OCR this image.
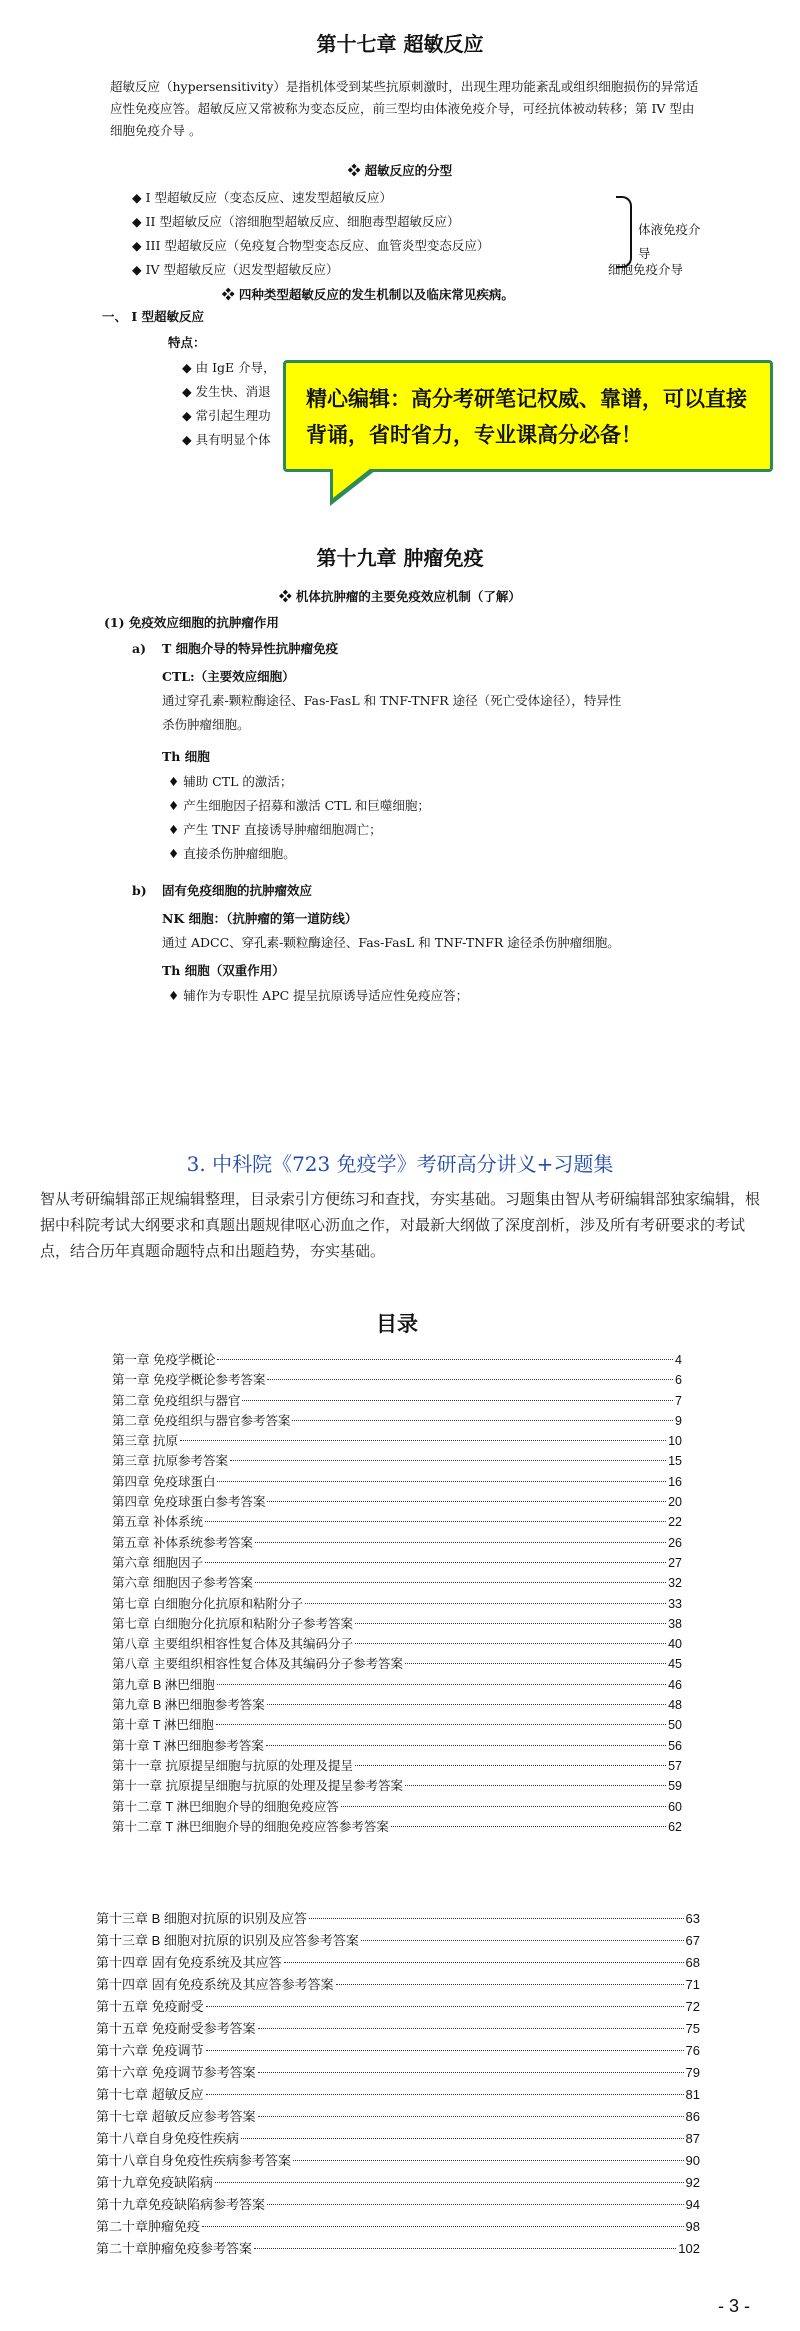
第十七章 超敏反应
超敏反应（hypersensitivity）是指机体受到某些抗原刺激时，出现生理功能紊乱或组织细胞损伤的异常适应性免疫应答。超敏反应又常被称为变态反应，前三型均由体液免疫介导，可经抗体被动转移；第 IV 型由细胞免疫介导 。
❖ 超敏反应的分型
◆ I 型超敏反应（变态反应、速发型超敏反应）
◆ II 型超敏反应（溶细胞型超敏反应、细胞毒型超敏反应）
◆ III 型超敏反应（免疫复合物型变态反应、血管炎型变态反应）
◆ IV 型超敏反应（迟发型超敏反应）
体液免疫介导
细胞免疫介导
❖ 四种类型超敏反应的发生机制以及临床常见疾病。
一、 I 型超敏反应
特点：
◆ 由 IgE 介导，
◆ 发生快、消退
◆ 常引起生理功
◆ 具有明显个体
精心编辑：高分考研笔记权威、靠谱，可以直接背诵，省时省力，专业课高分必备！
第十九章 肿瘤免疫
❖ 机体抗肿瘤的主要免疫效应机制（了解）
(1) 免疫效应细胞的抗肿瘤作用
a) T 细胞介导的特异性抗肿瘤免疫
CTL:（主要效应细胞）
通过穿孔素-颗粒酶途径、Fas-FasL 和 TNF-TNFR 途径（死亡受体途径），特异性
杀伤肿瘤细胞。
Th 细胞
♦ 辅助 CTL 的激活；
♦ 产生细胞因子招募和激活 CTL 和巨噬细胞；
♦ 产生 TNF 直接诱导肿瘤细胞凋亡；
♦ 直接杀伤肿瘤细胞。
b) 固有免疫细胞的抗肿瘤效应
NK 细胞：（抗肿瘤的第一道防线）
通过 ADCC、穿孔素-颗粒酶途径、Fas-FasL 和 TNF-TNFR 途径杀伤肿瘤细胞。
Th 细胞（双重作用）
♦ 辅作为专职性 APC 提呈抗原诱导适应性免疫应答；
3. 中科院《723 免疫学》考研高分讲义+习题集
智从考研编辑部正规编辑整理，目录索引方便练习和查找，夯实基础。习题集由智从考研编辑部独家编辑，根据中科院考试大纲要求和真题出题规律呕心沥血之作，对最新大纲做了深度剖析，涉及所有考研要求的考试点，结合历年真题命题特点和出题趋势，夯实基础。
目录
第一章 免疫学概论	4
第一章 免疫学概论参考答案	6
第二章 免疫组织与器官	7
第二章 免疫组织与器官参考答案	9
第三章 抗原	10
第三章 抗原参考答案	15
第四章 免疫球蛋白	16
第四章 免疫球蛋白参考答案	20
第五章 补体系统	22
第五章 补体系统参考答案	26
第六章 细胞因子	27
第六章 细胞因子参考答案	32
第七章 白细胞分化抗原和粘附分子	33
第七章 白细胞分化抗原和粘附分子参考答案	38
第八章 主要组织相容性复合体及其编码分子	40
第八章 主要组织相容性复合体及其编码分子参考答案	45
第九章 B 淋巴细胞	46
第九章 B 淋巴细胞参考答案	48
第十章 T 淋巴细胞	50
第十章 T 淋巴细胞参考答案	56
第十一章 抗原提呈细胞与抗原的处理及提呈	57
第十一章 抗原提呈细胞与抗原的处理及提呈参考答案	59
第十二章 T 淋巴细胞介导的细胞免疫应答	60
第十二章 T 淋巴细胞介导的细胞免疫应答参考答案	62
第十三章 B 细胞对抗原的识别及应答	63
第十三章 B 细胞对抗原的识别及应答参考答案	67
第十四章 固有免疫系统及其应答	68
第十四章 固有免疫系统及其应答参考答案	71
第十五章 免疫耐受	72
第十五章 免疫耐受参考答案	75
第十六章 免疫调节	76
第十六章 免疫调节参考答案	79
第十七章 超敏反应	81
第十七章 超敏反应参考答案	86
第十八章自身免疫性疾病	87
第十八章自身免疫性疾病参考答案	90
第十九章免疫缺陷病	92
第十九章免疫缺陷病参考答案	94
第二十章肿瘤免疫	98
第二十章肿瘤免疫参考答案	102
- 3 -
